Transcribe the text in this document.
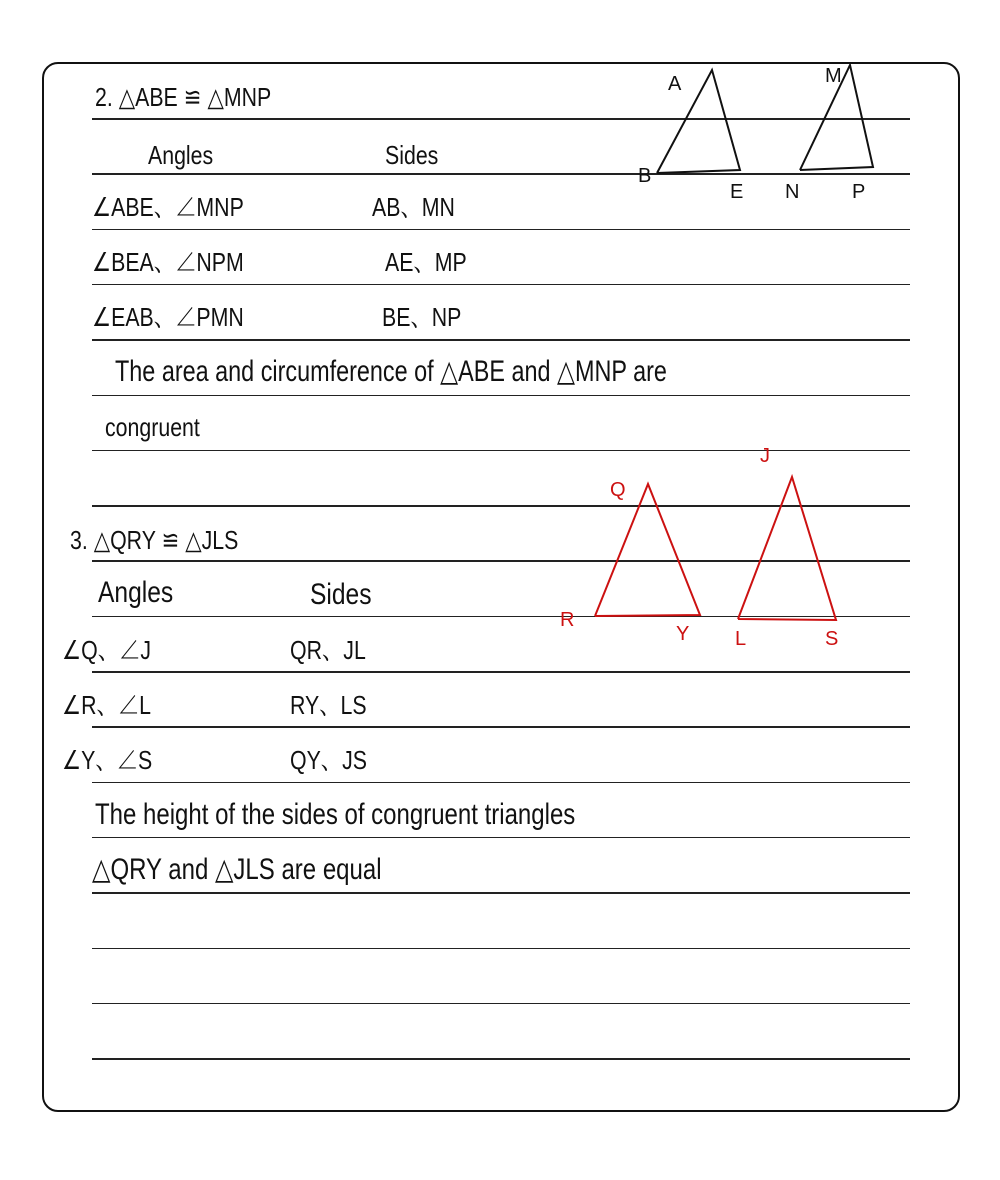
2. △ABE ≌ △MNP
Angles	Sides
∠ABE、∠MNP	AB、MN
∠BEA、∠NPM	AE、MP
∠EAB、∠PMN	BE、NP
The area and circumference of △ABE and △MNP are
congruent
3. △QRY ≌ △JLS
Angles	Sides
∠Q、∠J	QR、JL
∠R、∠L	RY、LS
∠Y、∠S	QY、JS
The height of the sides of congruent triangles
△QRY and △JLS are equal
A
B
E
M
N	P
Q
R
Y
J
L	S
